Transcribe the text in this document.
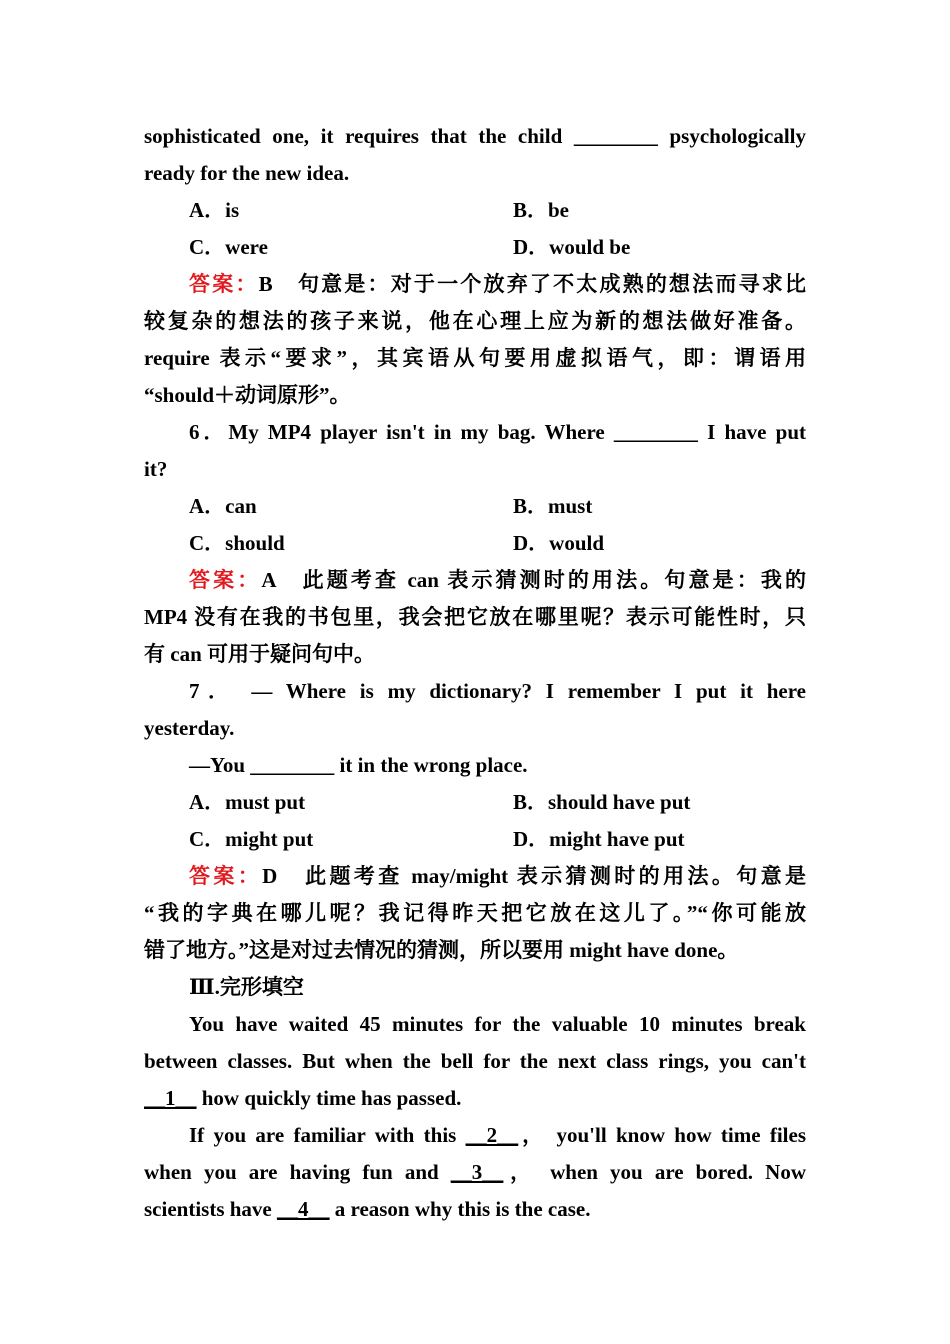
sophisticated one, it requires that the child ________ psychologically
ready for the new idea.
A．is	B．be
C．were	D．would be
答案：B　句意是：对于一个放弃了不太成熟的想法而寻求比
较复杂的想法的孩子来说，他在心理上应为新的想法做好准备。
require 表示“要求”，其宾语从句要用虚拟语气，即：谓语用
“should＋动词原形”。
6．My MP4 player isn't in my bag. Where ________ I have put
it?
A．can	B．must
C．should	D．would
答案：A　此题考查 can 表示猜测时的用法。句意是：我的
MP4 没有在我的书包里，我会把它放在哪里呢？表示可能性时，只
有 can 可用于疑问句中。
7． — Where is my dictionary? I remember I put it here
yesterday.
—You ________ it in the wrong place.
A．must put	B．should have put
C．might put	D．might have put
答案：D　此题考查 may/might 表示猜测时的用法。句意是
“我的字典在哪儿呢？我记得昨天把它放在这儿了。”“你可能放
错了地方。”这是对过去情况的猜测，所以要用 might have done。
Ⅲ.完形填空
You have waited 45 minutes for the valuable 10 minutes break
between classes. But when the bell for the next class rings, you can't
__1__ how quickly time has passed.
If you are familiar with this __2__， you'll know how time files
when you are having fun and __3__， when you are bored. Now
scientists have __4__ a reason why this is the case.
